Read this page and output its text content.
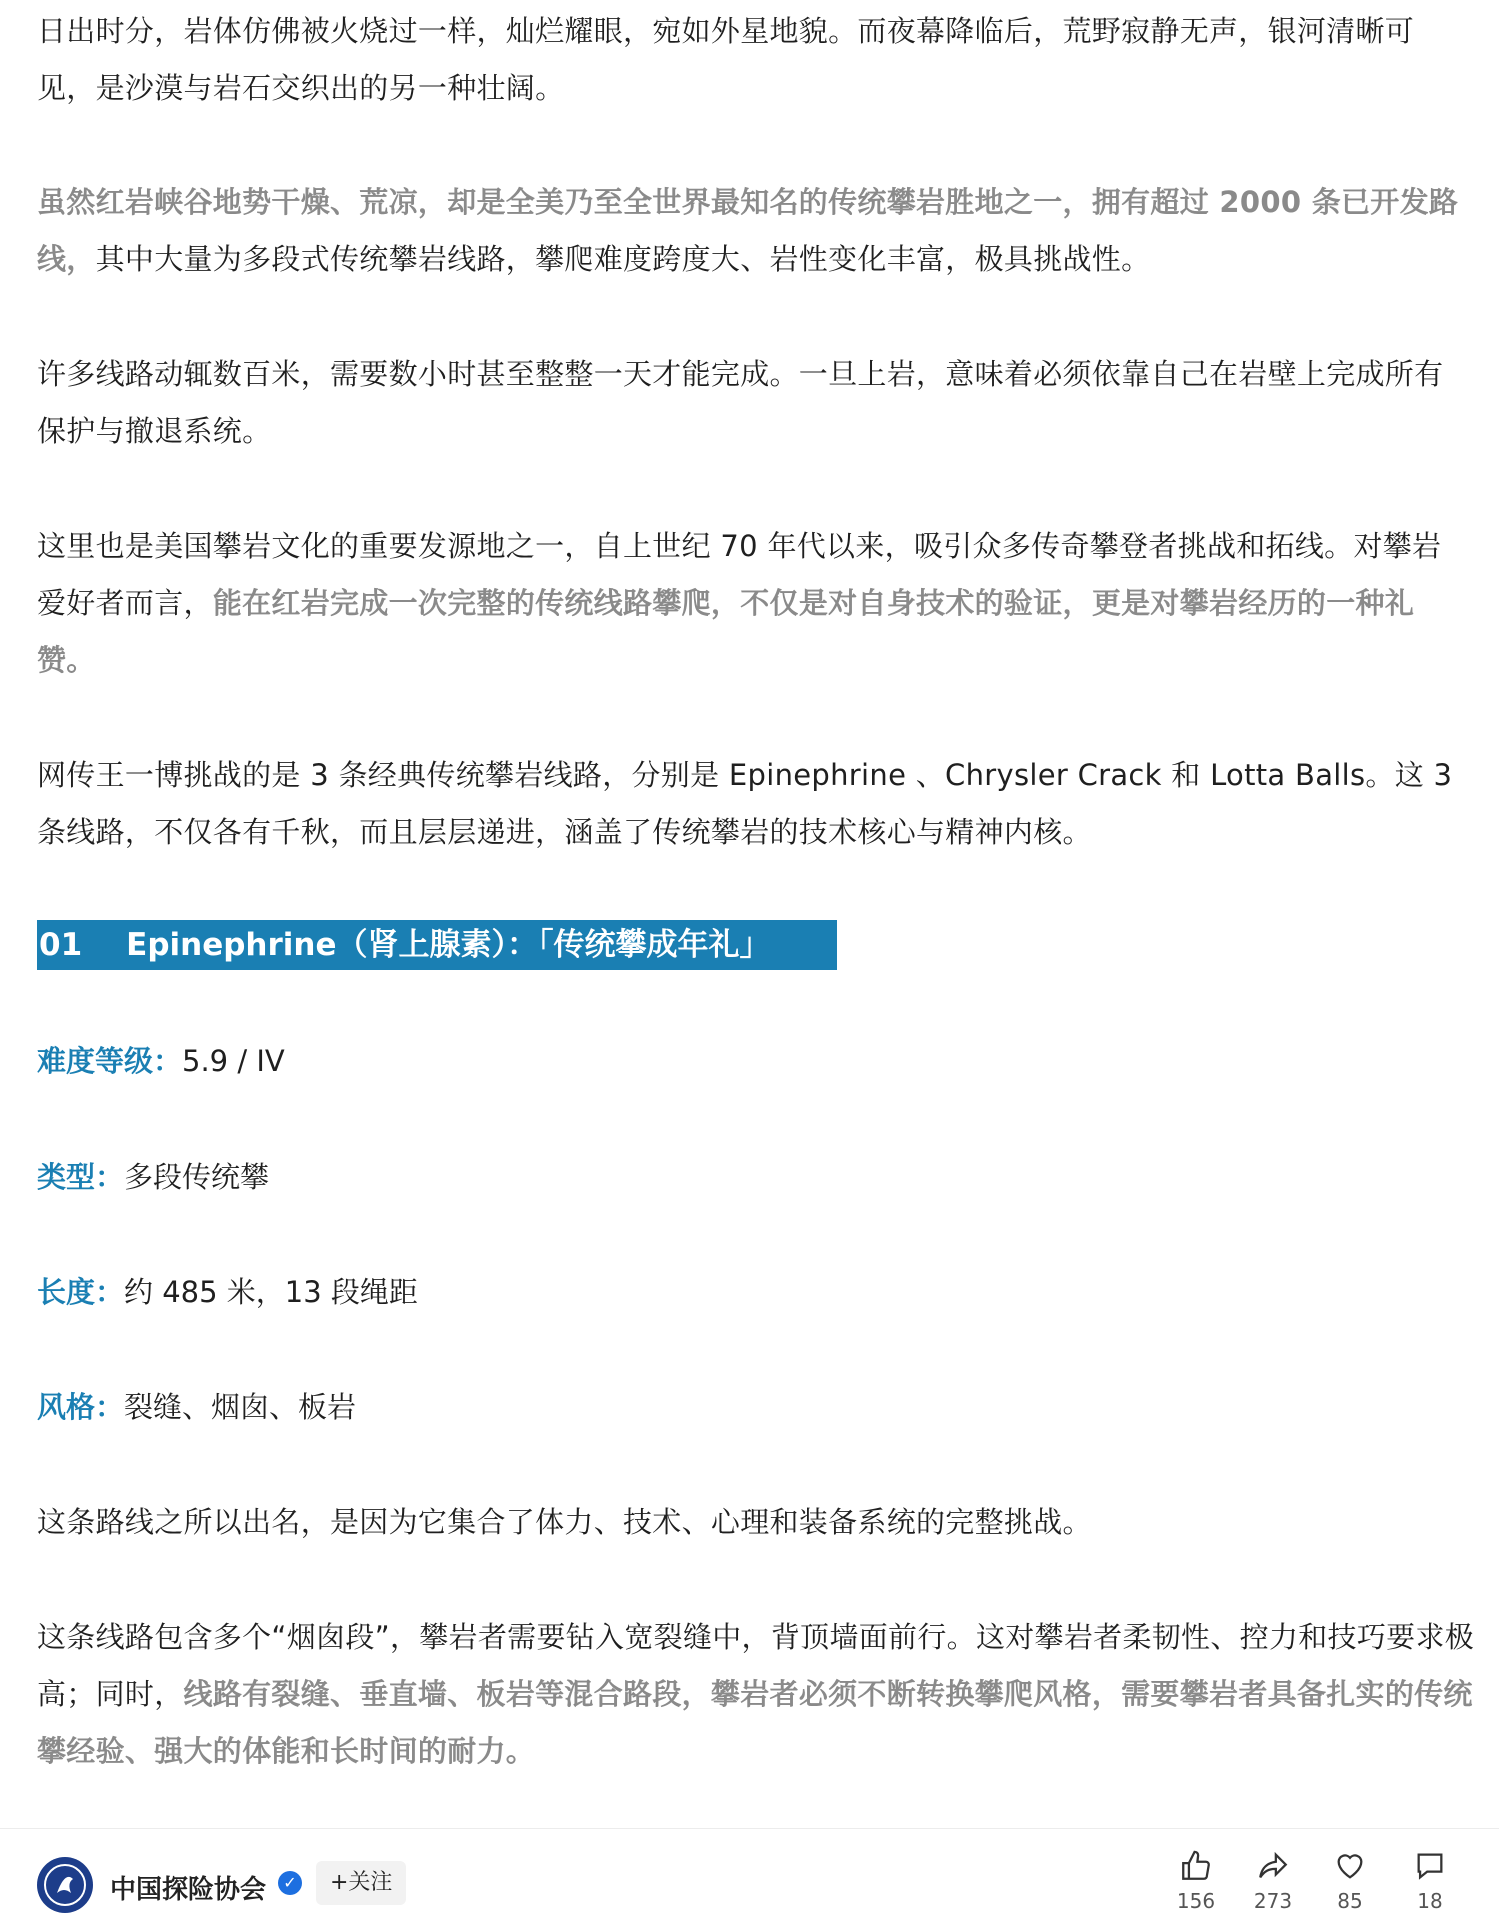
日出时分，岩体仿佛被火烧过一样，灿烂耀眼，宛如外星地貌。而夜幕降临后，荒野寂静无声，银河清晰可见，是沙漠与岩石交织出的另一种壮阔。

虽然红岩峡谷地势干燥、荒凉，却是全美乃至全世界最知名的传统攀岩胜地之一，拥有超过 2000 条已开发路线，其中大量为多段式传统攀岩线路，攀爬难度跨度大、岩性变化丰富，极具挑战性。

许多线路动辄数百米，需要数小时甚至整整一天才能完成。一旦上岩，意味着必须依靠自己在岩壁上完成所有保护与撤退系统。

这里也是美国攀岩文化的重要发源地之一，自上世纪 70 年代以来，吸引众多传奇攀登者挑战和拓线。对攀岩爱好者而言，能在红岩完成一次完整的传统线路攀爬，不仅是对自身技术的验证，更是对攀岩经历的一种礼赞。

网传王一博挑战的是 3 条经典传统攀岩线路，分别是 Epinephrine 、Chrysler Crack 和 Lotta Balls。这 3 条线路，不仅各有千秋，而且层层递进，涵盖了传统攀岩的技术核心与精神内核。

01 Epinephrine（肾上腺素）：「传统攀成年礼」
难度等级：5.9 / IV
类型：多段传统攀
长度：约 485 米，13 段绳距
风格：裂缝、烟囱、板岩

这条路线之所以出名，是因为它集合了体力、技术、心理和装备系统的完整挑战。

这条线路包含多个“烟囱段”，攀岩者需要钻入宽裂缝中，背顶墙面前行。这对攀岩者柔韧性、控力和技巧要求极高；同时，线路有裂缝、垂直墙、板岩等混合路段，攀岩者必须不断转换攀爬风格，需要攀岩者具备扎实的传统攀经验、强大的体能和长时间的耐力。

中国探险协会	✓	+关注
156	273	85	18
